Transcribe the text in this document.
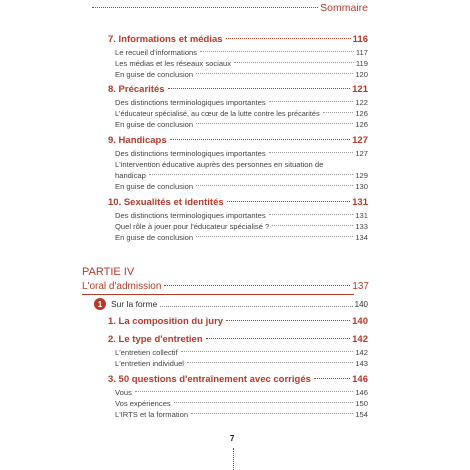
Sommaire
7. Informations et médias	116
Le recueil d'informations	117
Les médias et les réseaux sociaux	119
En guise de conclusion	120
8. Précarités	121
Des distinctions terminologiques importantes	122
L'éducateur spécialisé, au cœur de la lutte contre les précarités	126
En guise de conclusion	126
9. Handicaps	127
Des distinctions terminologiques importantes	127
L'intervention éducative auprès des personnes en situation de
handicap	129
En guise de conclusion	130
10. Sexualités et identités	131
Des distinctions terminologiques importantes	131
Quel rôle à jouer pour l'éducateur spécialisé ?	133
En guise de conclusion	134
PARTIE IV
L'oral d'admission	137
1	Sur la forme	140
1. La composition du jury	140
2. Le type d'entretien	142
L'entretien collectif	142
L'entretien individuel	143
3. 50 questions d'entraînement avec corrigés	146
Vous	146
Vos expériences	150
L'IRTS et la formation	154
7
